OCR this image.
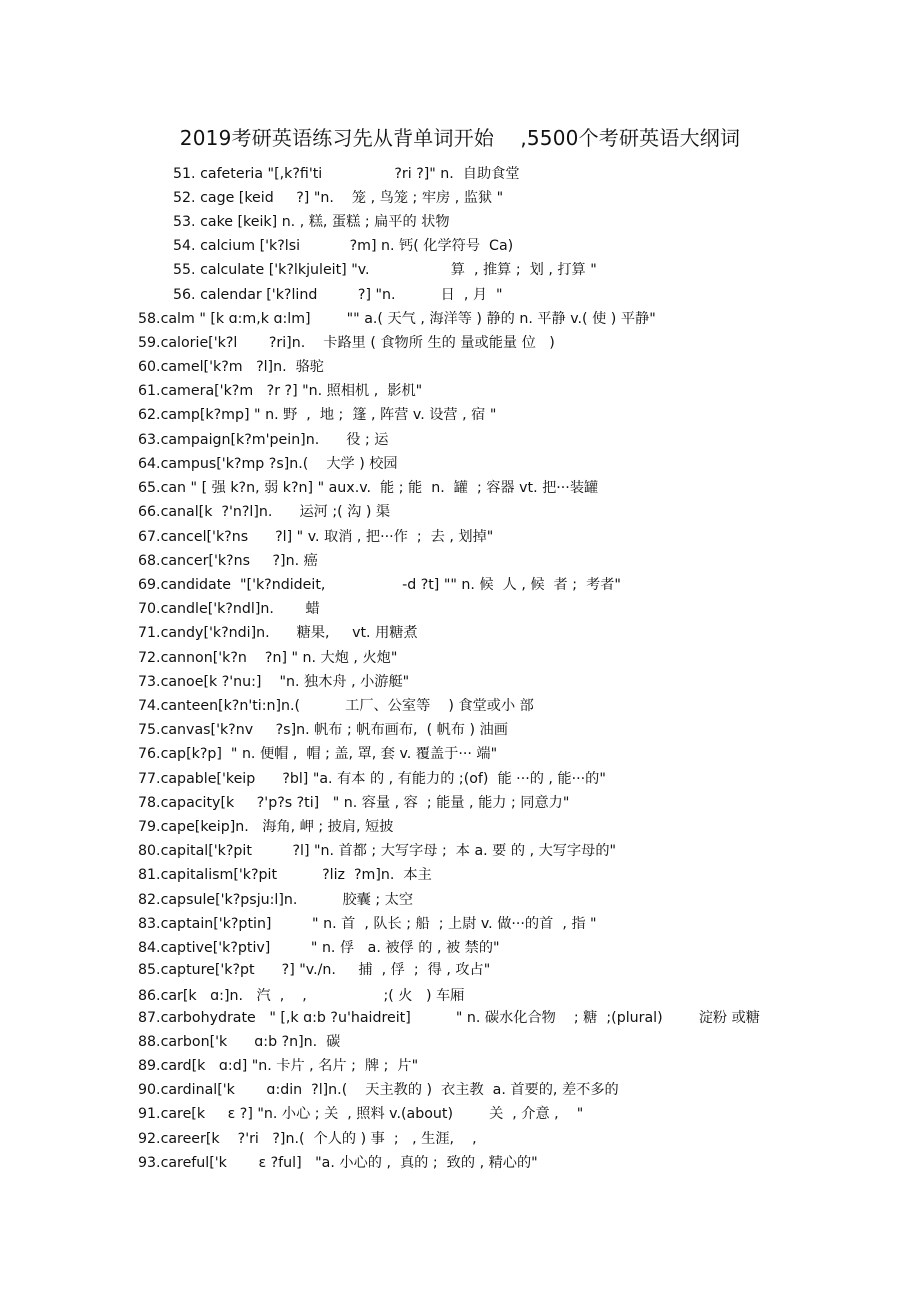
2019考研英语练习先从背单词开始    ,5500个考研英语大纲词
51. cafeteria "[,k?fi'ti                ?ri ?]" n.  自助食堂
52. cage [keid     ?] "n.    笼 , 鸟笼 ; 牢房 , 监狱 "
53. cake [keik] n. , 糕, 蛋糕 ; 扁平的 状物
54. calcium ['k?lsi           ?m] n. 钙( 化学符号  Ca)
55. calculate ['k?lkjuleit] "v.                  算  , 推算 ;  划 , 打算 "
56. calendar ['k?lind         ?] "n.          日  , 月  "
58.calm " [k ɑ:m,k ɑ:lm]        "" a.( 天气 , 海洋等 ) 静的 n. 平静 v.( 使 ) 平静"
59.calorie['k?l       ?ri]n.    卡路里 ( 食物所 生的 量或能量 位   )
60.camel['k?m   ?l]n.  骆驼
61.camera['k?m   ?r ?] "n. 照相机 ,  影机"
62.camp[k?mp] " n. 野  ,  地 ;  篷 , 阵营 v. 设营 , 宿 "
63.campaign[k?m'pein]n.      役 ; 运
64.campus['k?mp ?s]n.(    大学 ) 校园
65.can " [ 强 k?n, 弱 k?n] " aux.v.  能 ; 能  n.  罐  ; 容器 vt. 把···装罐
66.canal[k  ?'n?l]n.      运河 ;( 沟 ) 渠
67.cancel['k?ns      ?l] " v. 取消 , 把···作  ;  去 , 划掉"
68.cancer['k?ns     ?]n. 癌
69.candidate  "['k?ndideit,                 -d ?t] "" n. 候  人 , 候  者 ;  考者"
70.candle['k?ndl]n.       蜡
71.candy['k?ndi]n.      糖果,     vt. 用糖煮
72.cannon['k?n    ?n] " n. 大炮 , 火炮"
73.canoe[k ?'nu:]    "n. 独木舟 , 小游艇"
74.canteen[k?n'ti:n]n.(          工厂、公室等    ) 食堂或小 部
75.canvas['k?nv     ?s]n. 帆布 ; 帆布画布,  ( 帆布 ) 油画
76.cap[k?p]  " n. 便帽 ,  帽 ; 盖, 罩, 套 v. 覆盖于··· 端"
77.capable['keip      ?bl] "a. 有本 的 , 有能力的 ;(of)  能 ···的 , 能···的"
78.capacity[k     ?'p?s ?ti]   " n. 容量 , 容  ; 能量 , 能力 ; 同意力"
79.cape[keip]n.   海角, 岬 ; 披肩, 短披
80.capital['k?pit         ?l] "n. 首都 ; 大写字母 ;  本 a. 要 的 , 大写字母的"
81.capitalism['k?pit          ?liz  ?m]n.  本主
82.capsule['k?psju:l]n.          胶囊 ; 太空
83.captain['k?ptin]         " n. 首  , 队长 ; 船  ; 上尉 v. 做···的首  , 指 "
84.captive['k?ptiv]         " n. 俘   a. 被俘 的 , 被 禁的"
85.capture['k?pt      ?] "v./n.     捕  , 俘  ;  得 , 攻占"
86.car[k   ɑ:]n.   汽  ,    ,                 ;( 火   ) 车厢
87.carbohydrate   " [,k ɑ:b ?u'haidreit]          " n. 碳水化合物    ; 糖  ;(plural)        淀粉 或糖
88.carbon['k      ɑ:b ?n]n.  碳
89.card[k   ɑ:d] "n. 卡片 , 名片 ;  牌 ;  片"
90.cardinal['k       ɑ:din  ?l]n.(    天主教的 )  衣主教  a. 首要的, 差不多的
91.care[k     ε ?] "n. 小心 ; 关  , 照料 v.(about)        关  , 介意 ,    "
92.career[k    ?'ri   ?]n.(  个人的 ) 事  ;   , 生涯,    ,
93.careful['k       ε ?ful]   "a. 小心的 ,  真的 ;  致的 , 精心的"
